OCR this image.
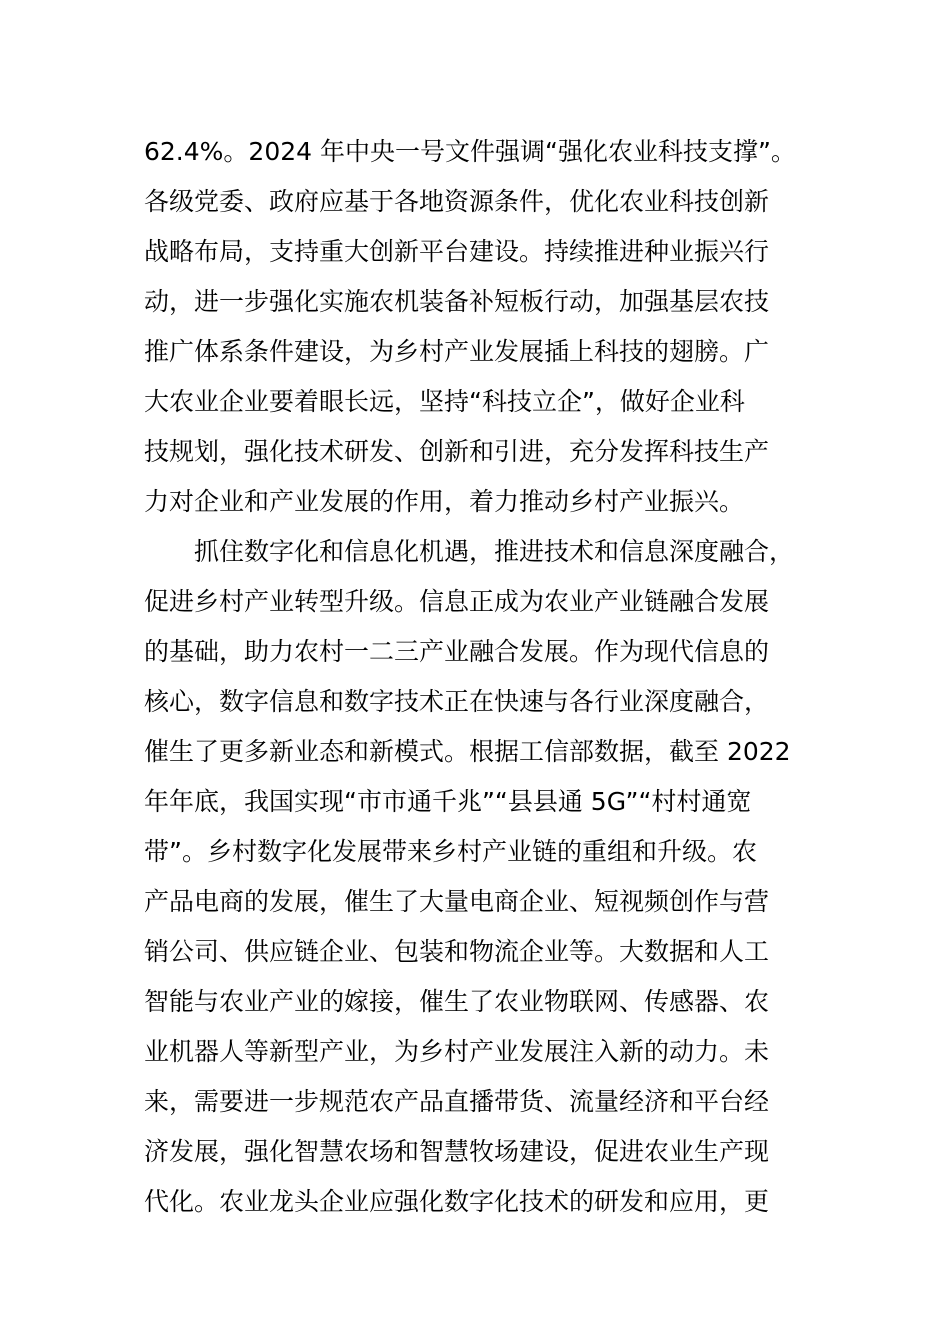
62.4%。2024 年中央一号文件强调“强化农业科技支撑”。
各级党委、政府应基于各地资源条件，优化农业科技创新
战略布局，支持重大创新平台建设。持续推进种业振兴行
动，进一步强化实施农机装备补短板行动，加强基层农技
推广体系条件建设，为乡村产业发展插上科技的翅膀。广
大农业企业要着眼长远，坚持“科技立企”，做好企业科
技规划，强化技术研发、创新和引进，充分发挥科技生产
力对企业和产业发展的作用，着力推动乡村产业振兴。
抓住数字化和信息化机遇，推进技术和信息深度融合，
促进乡村产业转型升级。信息正成为农业产业链融合发展
的基础，助力农村一二三产业融合发展。作为现代信息的
核心，数字信息和数字技术正在快速与各行业深度融合，
催生了更多新业态和新模式。根据工信部数据，截至 2022
年年底，我国实现“市市通千兆”“县县通 5G”“村村通宽
带”。乡村数字化发展带来乡村产业链的重组和升级。农
产品电商的发展，催生了大量电商企业、短视频创作与营
销公司、供应链企业、包装和物流企业等。大数据和人工
智能与农业产业的嫁接，催生了农业物联网、传感器、农
业机器人等新型产业，为乡村产业发展注入新的动力。未
来，需要进一步规范农产品直播带货、流量经济和平台经
济发展，强化智慧农场和智慧牧场建设，促进农业生产现
代化。农业龙头企业应强化数字化技术的研发和应用，更
